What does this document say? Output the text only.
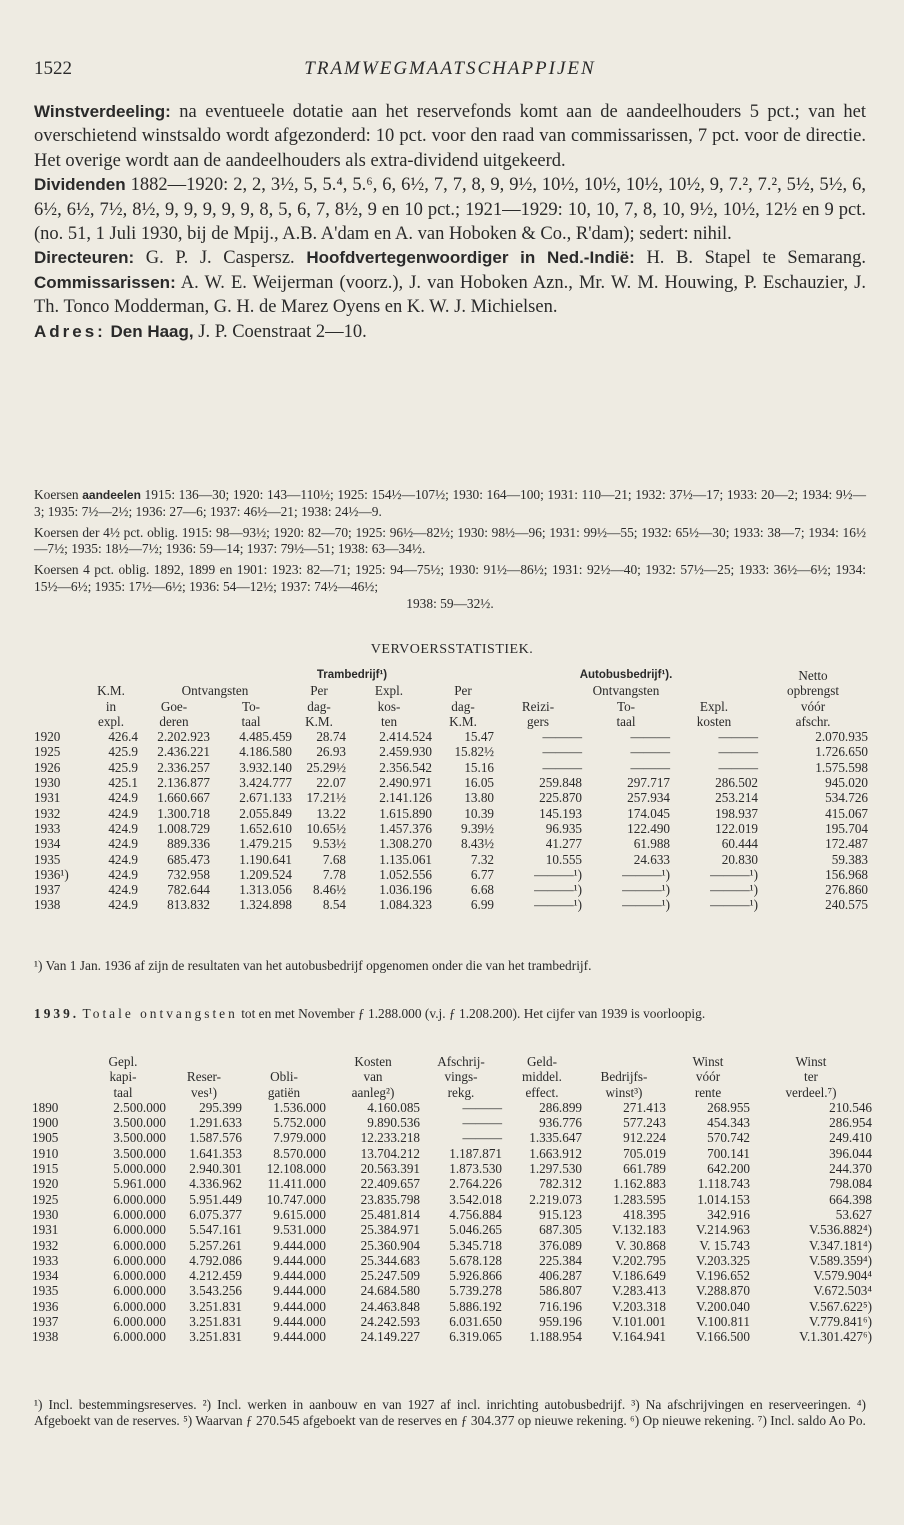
1522	TRAMWEGMAATSCHAPPIJEN

Winstverdeeling: na eventueele dotatie aan het reservefonds komt aan de aandeelhouders 5 pct.; van het overschietend winstsaldo wordt afgezonderd: 10 pct. voor den raad van commissarissen, 7 pct. voor de directie. Het overige wordt aan de aandeelhouders als extra-dividend uitgekeerd.

Dividenden 1882—1920: 2, 2, 3½, 5, 5.⁴, 5.⁶, 6, 6½, 7, 7, 8, 9, 9½, 10½, 10½, 10½, 10½, 9, 7.², 7.², 5½, 5½, 6, 6½, 6½, 7½, 8½, 9, 9, 9, 9, 9, 8, 5, 6, 7, 8½, 9 en 10 pct.; 1921—1929: 10, 10, 7, 8, 10, 9½, 10½, 12½ en 9 pct. (no. 51, 1 Juli 1930, bij de Mpij., A.B. A'dam en A. van Hoboken & Co., R'dam); sedert: nihil.

Directeuren: G. P. J. Caspersz. Hoofdvertegenwoordiger in Ned.-Indië: H. B. Stapel te Semarang. Commissarissen: A. W. E. Weijerman (voorz.), J. van Hoboken Azn., Mr. W. M. Houwing, P. Eschauzier, J. Th. Tonco Modderman, G. H. de Marez Oyens en K. W. J. Michielsen.

Adres: Den Haag, J. P. Coenstraat 2—10.

Koersen aandeelen 1915: 136—30; 1920: 143—110½; 1925: 154½—107½; 1930: 164—100; 1931: 110—21; 1932: 37½—17; 1933: 20—2; 1934: 9½—3; 1935: 7½—2½; 1936: 27—6; 1937: 46½—21; 1938: 24½—9.

Koersen der 4½ pct. oblig. 1915: 98—93½; 1920: 82—70; 1925: 96½—82½; 1930: 98½—96; 1931: 99½—55; 1932: 65½—30; 1933: 38—7; 1934: 16½—7½; 1935: 18½—7½; 1936: 59—14; 1937: 79½—51; 1938: 63—34½.

Koersen 4 pct. oblig. 1892, 1899 en 1901: 1923: 82—71; 1925: 94—75½; 1930: 91½—86½; 1931: 92½—40; 1932: 57½—25; 1933: 36½—6½; 1934: 15½—6½; 1935: 17½—6½; 1936: 54—12½; 1937: 74½—46½;

1938: 59—32½.

VERVOERSSTATISTIEK.
			Trambedrijf¹)				Autobusbedrijf¹).			Netto
	K.M.	Ontvangsten		Per	Expl.	Per	Ontvangsten			opbrengst
	in	Goe-	To-	dag-	kos-	dag-	Reizi-	To-	Expl.	vóór
	expl.	deren	taal	K.M.	ten	K.M.	gers	taal	kosten	afschr.
1920	426.4	2.202.923	4.485.459	28.74	2.414.524	15.47	———	———	———	2.070.935
1925	425.9	2.436.221	4.186.580	26.93	2.459.930	15.82½	———	———	———	1.726.650
1926	425.9	2.336.257	3.932.140	25.29½	2.356.542	15.16	———	———	———	1.575.598
1930	425.1	2.136.877	3.424.777	22.07	2.490.971	16.05	259.848	297.717	286.502	945.020
1931	424.9	1.660.667	2.671.133	17.21½	2.141.126	13.80	225.870	257.934	253.214	534.726
1932	424.9	1.300.718	2.055.849	13.22	1.615.890	10.39	145.193	174.045	198.937	415.067
1933	424.9	1.008.729	1.652.610	10.65½	1.457.376	9.39½	96.935	122.490	122.019	195.704
1934	424.9	889.336	1.479.215	9.53½	1.308.270	8.43½	41.277	61.988	60.444	172.487
1935	424.9	685.473	1.190.641	7.68	1.135.061	7.32	10.555	24.633	20.830	59.383
1936¹)	424.9	732.958	1.209.524	7.78	1.052.556	6.77	———¹)	———¹)	———¹)	156.968
1937	424.9	782.644	1.313.056	8.46½	1.036.196	6.68	———¹)	———¹)	———¹)	276.860
1938	424.9	813.832	1.324.898	8.54	1.084.323	6.99	———¹)	———¹)	———¹)	240.575
¹) Van 1 Jan. 1936 af zijn de resultaten van het autobusbedrijf opgenomen onder die van het trambedrijf.

1939. Totale ontvangsten tot en met November ƒ 1.288.000 (v.j. ƒ 1.208.200). Het cijfer van 1939 is voorloopig.

	Gepl.			Kosten	Afschrij-	Geld-		Winst	Winst
	kapi-	Reser-	Obli-	van	vings-	middel.	Bedrijfs-	vóór	ter
	taal	ves¹)	gatiën	aanleg²)	rekg.	effect.	winst³)	rente	verdeel.⁷)
1890	2.500.000	295.399	1.536.000	4.160.085	———	286.899	271.413	268.955	210.546
1900	3.500.000	1.291.633	5.752.000	9.890.536	———	936.776	577.243	454.343	286.954
1905	3.500.000	1.587.576	7.979.000	12.233.218	———	1.335.647	912.224	570.742	249.410
1910	3.500.000	1.641.353	8.570.000	13.704.212	1.187.871	1.663.912	705.019	700.141	396.044
1915	5.000.000	2.940.301	12.108.000	20.563.391	1.873.530	1.297.530	661.789	642.200	244.370
1920	5.961.000	4.336.962	11.411.000	22.409.657	2.764.226	782.312	1.162.883	1.118.743	798.084
1925	6.000.000	5.951.449	10.747.000	23.835.798	3.542.018	2.219.073	1.283.595	1.014.153	664.398
1930	6.000.000	6.075.377	9.615.000	25.481.814	4.756.884	915.123	418.395	342.916	53.627
1931	6.000.000	5.547.161	9.531.000	25.384.971	5.046.265	687.305	V.132.183	V.214.963	V.536.882⁴)
1932	6.000.000	5.257.261	9.444.000	25.360.904	5.345.718	376.089	V. 30.868	V. 15.743	V.347.181⁴)
1933	6.000.000	4.792.086	9.444.000	25.344.683	5.678.128	225.384	V.202.795	V.203.325	V.589.359⁴)
1934	6.000.000	4.212.459	9.444.000	25.247.509	5.926.866	406.287	V.186.649	V.196.652	V.579.904⁴
1935	6.000.000	3.543.256	9.444.000	24.684.580	5.739.278	586.807	V.283.413	V.288.870	V.672.503⁴
1936	6.000.000	3.251.831	9.444.000	24.463.848	5.886.192	716.196	V.203.318	V.200.040	V.567.622⁵)
1937	6.000.000	3.251.831	9.444.000	24.242.593	6.031.650	959.196	V.101.001	V.100.811	V.779.841⁶)
1938	6.000.000	3.251.831	9.444.000	24.149.227	6.319.065	1.188.954	V.164.941	V.166.500	V.1.301.427⁶)
¹) Incl. bestemmingsreserves. ²) Incl. werken in aanbouw en van 1927 af incl. inrichting autobusbedrijf. ³) Na afschrijvingen en reserveeringen. ⁴) Afgeboekt van de reserves. ⁵) Waarvan ƒ 270.545 afgeboekt van de reserves en ƒ 304.377 op nieuwe rekening. ⁶) Op nieuwe rekening. ⁷) Incl. saldo Ao Po.
